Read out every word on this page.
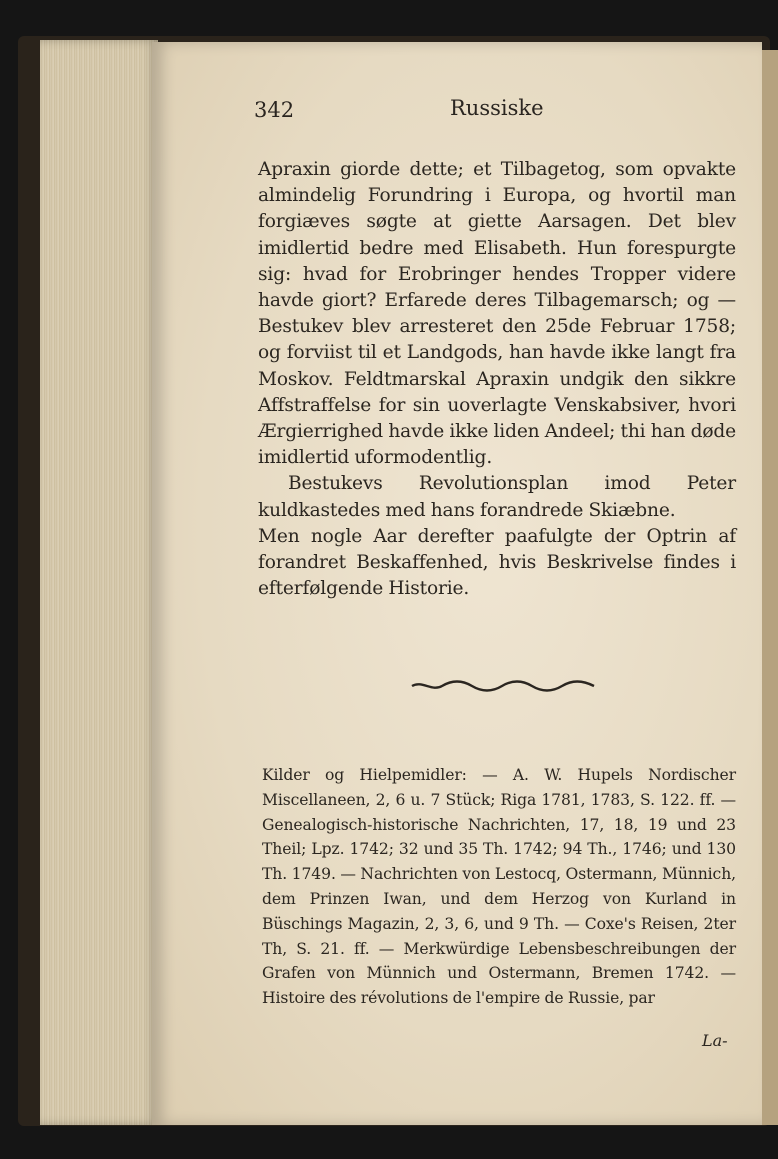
342	Russiske

Apraxin giorde dette; et Tilbagetog, som opvakte almindelig Forundring i Europa, og hvortil man forgiæves søgte at giette Aarsagen. Det blev imidlertid bedre med Elisabeth. Hun forespurgte sig: hvad for Erobringer hendes Tropper videre havde giort? Erfarede deres Tilbagemarsch; og — Bestukev blev arresteret den 25de Februar 1758; og forviist til et Landgods, han havde ikke langt fra Moskov. Feldtmarskal Apraxin undgik den sikkre Affstraffelse for sin uoverlagte Venskabsiver, hvori Ærgierrighed havde ikke liden Andeel; thi han døde imidlertid uformodentlig.
Bestukevs Revolutionsplan imod Peter kuldkastedes med hans forandrede Skiæbne.
Men nogle Aar derefter paafulgte der Optrin af forandret Beskaffenhed, hvis Beskrivelse findes i efterfølgende Historie.

Kilder og Hielpemidler: — A. W. Hupels Nordischer Miscellaneen, 2, 6 u. 7 Stück; Riga 1781, 1783, S. 122. ff. — Genealogisch-historische Nachrichten, 17, 18, 19 und 23 Theil; Lpz. 1742; 32 und 35 Th. 1742; 94 Th., 1746; und 130 Th. 1749. — Nachrichten von Lestocq, Ostermann, Münnich, dem Prinzen Iwan, und dem Herzog von Kurland in Büschings Magazin, 2, 3, 6, und 9 Th. — Coxe's Reisen, 2ter Th, S. 21. ff. — Merkwürdige Lebensbeschreibungen der Grafen von Münnich und Ostermann, Bremen 1742. — Histoire des révolutions de l'empire de Russie, par

La-
